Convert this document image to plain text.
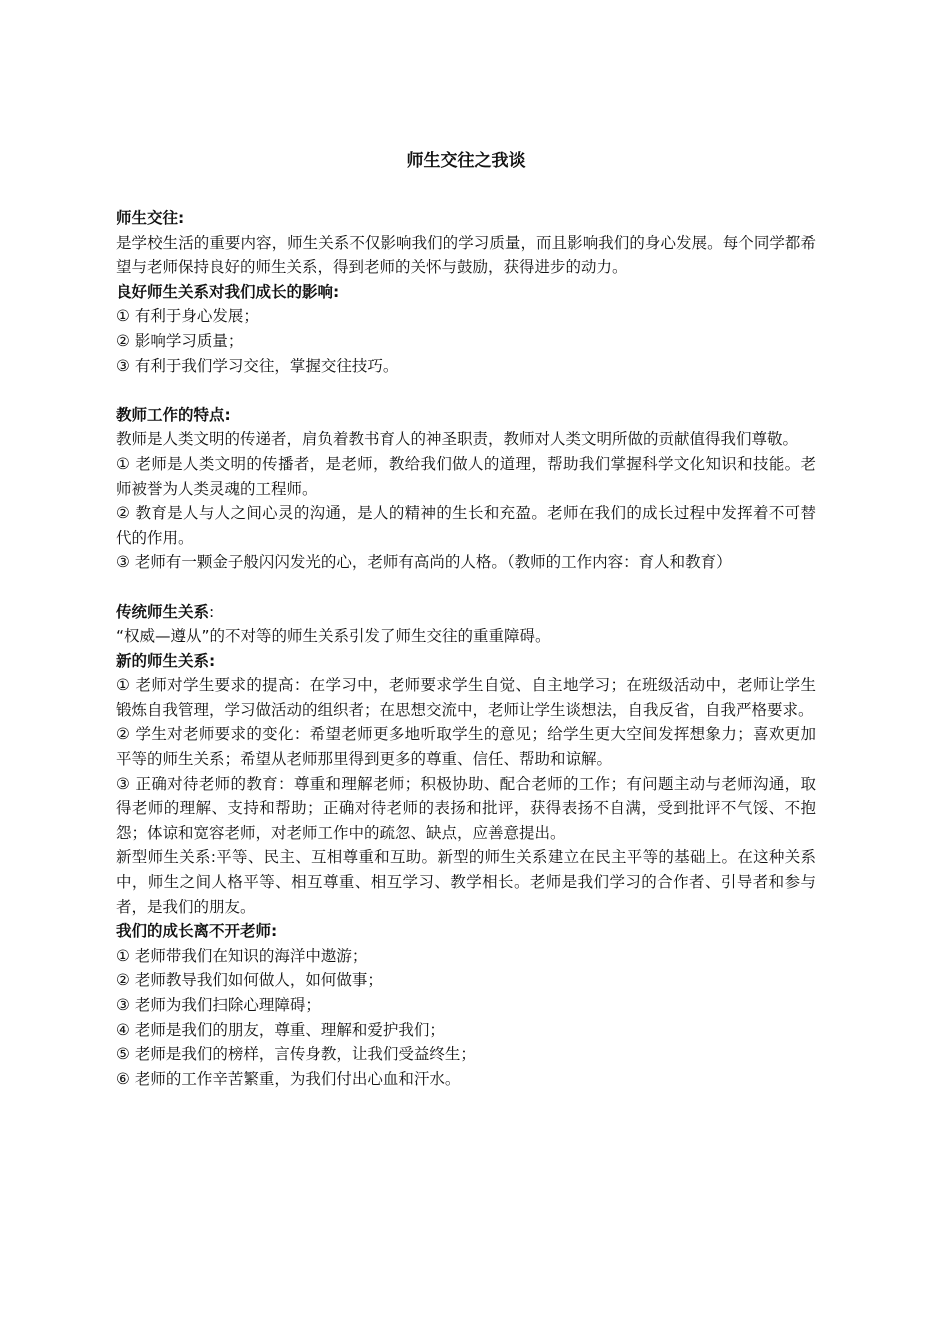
师生交往之我谈

师生交往:

是学校生活的重要内容，师生关系不仅影响我们的学习质量，而且影响我们的身心发展。每个同学都希望与老师保持良好的师生关系，得到老师的关怀与鼓励，获得进步的动力。

良好师生关系对我们成长的影响:

① 有利于身心发展；

② 影响学习质量；

③ 有利于我们学习交往，掌握交往技巧。

教师工作的特点:

教师是人类文明的传递者，肩负着教书育人的神圣职责，教师对人类文明所做的贡献值得我们尊敬。

① 老师是人类文明的传播者，是老师，教给我们做人的道理，帮助我们掌握科学文化知识和技能。老师被誉为人类灵魂的工程师。

② 教育是人与人之间心灵的沟通，是人的精神的生长和充盈。老师在我们的成长过程中发挥着不可替代的作用。

③ 老师有一颗金子般闪闪发光的心，老师有高尚的人格。（教师的工作内容：育人和教育）

传统师生关系:

“权威—遵从”的不对等的师生关系引发了师生交往的重重障碍。

新的师生关系:

① 老师对学生要求的提高：在学习中，老师要求学生自觉、自主地学习；在班级活动中，老师让学生锻炼自我管理，学习做活动的组织者；在思想交流中，老师让学生谈想法，自我反省，自我严格要求。

② 学生对老师要求的变化：希望老师更多地听取学生的意见；给学生更大空间发挥想象力；喜欢更加平等的师生关系；希望从老师那里得到更多的尊重、信任、帮助和谅解。

③ 正确对待老师的教育：尊重和理解老师；积极协助、配合老师的工作；有问题主动与老师沟通，取得老师的理解、支持和帮助；正确对待老师的表扬和批评，获得表扬不自满，受到批评不气馁、不抱怨；体谅和宽容老师，对老师工作中的疏忽、缺点，应善意提出。

新型师生关系:平等、民主、互相尊重和互助。新型的师生关系建立在民主平等的基础上。在这种关系中，师生之间人格平等、相互尊重、相互学习、教学相长。老师是我们学习的合作者、引导者和参与者，是我们的朋友。

我们的成长离不开老师:

① 老师带我们在知识的海洋中遨游；

② 老师教导我们如何做人，如何做事；

③ 老师为我们扫除心理障碍；

④ 老师是我们的朋友，尊重、理解和爱护我们；

⑤ 老师是我们的榜样，言传身教，让我们受益终生；

⑥ 老师的工作辛苦繁重，为我们付出心血和汗水。
